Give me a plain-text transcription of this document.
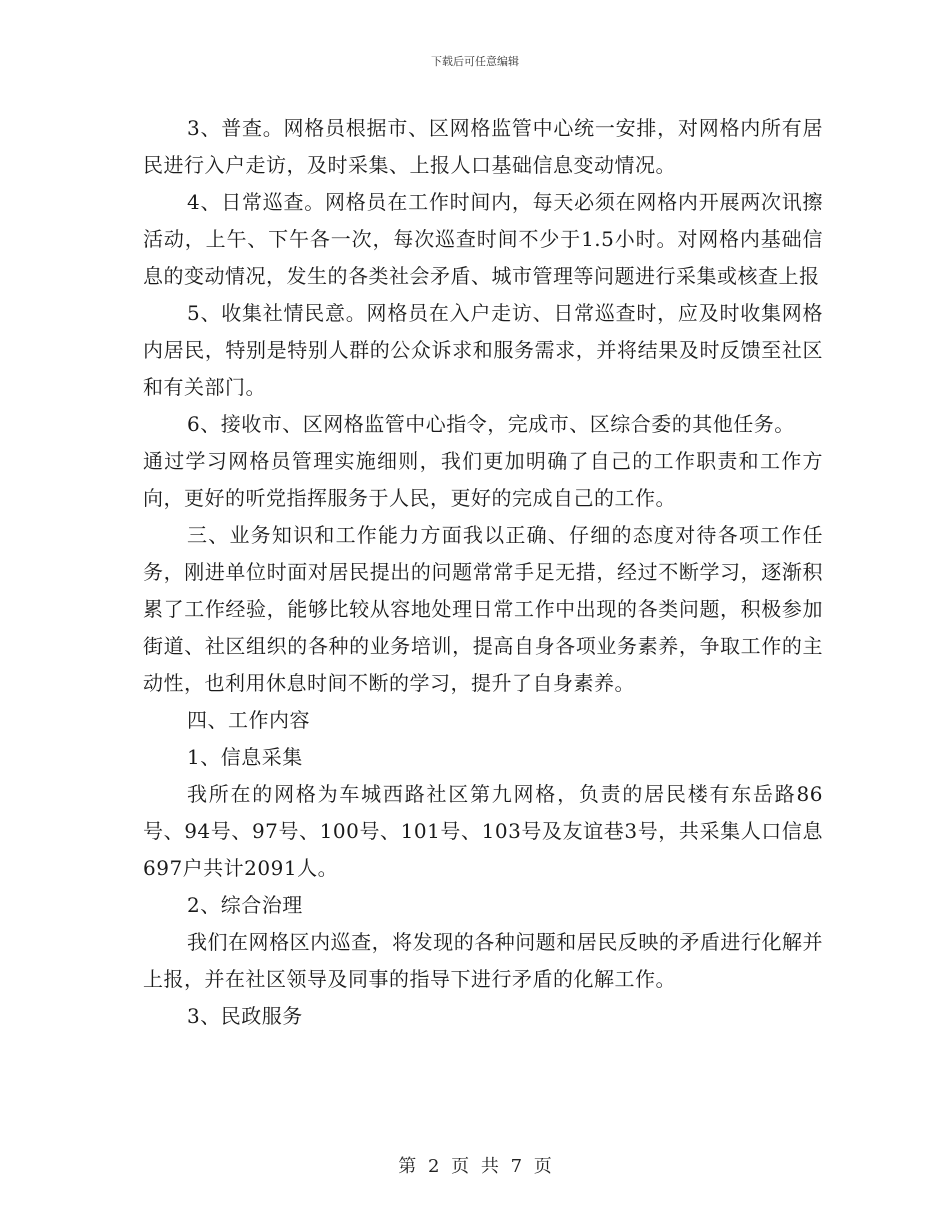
下载后可任意编辑

3、普查。网格员根据市、区网格监管中心统一安排，对网格内所有居民进行入户走访，及时采集、上报人口基础信息变动情况。

4、日常巡查。网格员在工作时间内，每天必须在网格内开展两次讯擦活动，上午、下午各一次，每次巡查时间不少于1.5小时。对网格内基础信息的变动情况，发生的各类社会矛盾、城市管理等问题进行采集或核查上报

5、收集社情民意。网格员在入户走访、日常巡查时，应及时收集网格内居民，特别是特别人群的公众诉求和服务需求，并将结果及时反馈至社区和有关部门。

6、接收市、区网格监管中心指令，完成市、区综合委的其他任务。

通过学习网格员管理实施细则，我们更加明确了自己的工作职责和工作方向，更好的听党指挥服务于人民，更好的完成自己的工作。

三、业务知识和工作能力方面我以正确、仔细的态度对待各项工作任务，刚进单位时面对居民提出的问题常常手足无措，经过不断学习，逐渐积累了工作经验，能够比较从容地处理日常工作中出现的各类问题，积极参加街道、社区组织的各种的业务培训，提高自身各项业务素养，争取工作的主动性，也利用休息时间不断的学习，提升了自身素养。

四、工作内容

1、信息采集

我所在的网格为车城西路社区第九网格，负责的居民楼有东岳路86号、94号、97号、100号、101号、103号及友谊巷3号，共采集人口信息697户共计2091人。

2、综合治理

我们在网格区内巡查，将发现的各种问题和居民反映的矛盾进行化解并上报，并在社区领导及同事的指导下进行矛盾的化解工作。

3、民政服务

第 2 页 共 7 页
